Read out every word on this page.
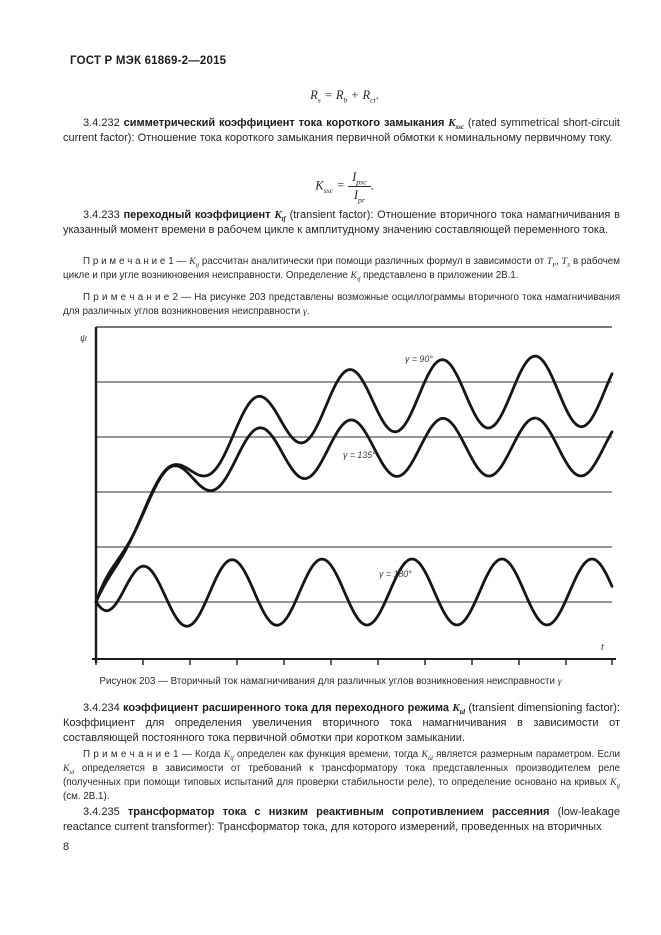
ГОСТ Р МЭК 61869-2—2015
$R_s = R_b + R_{ct}$.
3.4.232 симметрический коэффициент тока короткого замыкания $K_{ssc}$ (rated symmetrical short-circuit current factor): Отношение тока короткого замыкания первичной обмотки к номинальному первичному току.
$K_{ssc} = \frac{I_{psc}}{I_{pr}}$ .
3.4.233 переходный коэффициент $K_{tf}$ (transient factor): Отношение вторичного тока намагничивания в указанный момент времени в рабочем цикле к амплитудному значению составляющей переменного тока.
П р и м е ч а н и е 1 — $K_{tf}$ рассчитан аналитически при помощи различных формул в зависимости от $T_P$, $T_S$ в рабочем цикле и при угле возникновения неисправности. Определение $K_{tf}$ представлено в приложении 2В.1.
П р и м е ч а н и е 2 — На рисунке 203 представлены возможные осциллограммы вторичного тока намагничивания для различных углов возникновения неисправности γ.
γ = 90°
γ = 135°
γ = 180°
ψ
t
Рисунок 203 — Вторичный ток намагничивания для различных углов возникновения неисправности γ
3.4.234 коэффициент расширенного тока для переходного режима $K_{td}$ (transient dimensioning factor): Коэффициент для определения увеличения вторичного тока намагничивания в зависимости от составляющей постоянного тока первичной обмотки при коротком замыкании.
П р и м е ч а н и е 1 — Когда $K_{tf}$ определен как функция времени, тогда $K_{td}$ является размерным параметром. Если $K_{td}$ определяется в зависимости от требований к трансформатору тока представленных производителем реле (полученных при помощи типовых испытаний для проверки стабильности реле), то определение основано на кривых $K_{tf}$ (см. 2В.1).
3.4.235 трансформатор тока с низким реактивным сопротивлением рассеяния (low-leakage reactance current transformer): Трансформатор тока, для которого измерений, проведенных на вторичных
8
